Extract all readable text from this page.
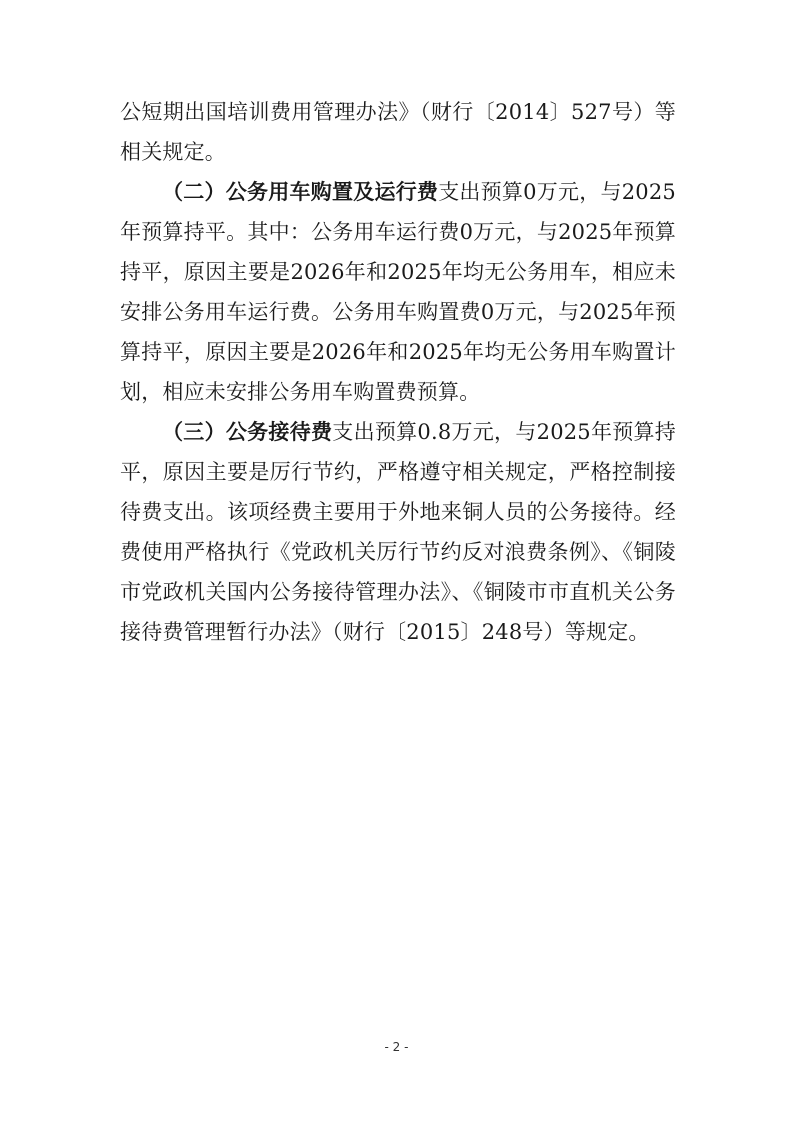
公短期出国培训费用管理办法》（财行〔2014〕527号）等相关规定。

（二）公务用车购置及运行费支出预算0万元，与2025年预算持平。其中：公务用车运行费0万元，与2025年预算持平，原因主要是2026年和2025年均无公务用车，相应未安排公务用车运行费。公务用车购置费0万元，与2025年预算持平，原因主要是2026年和2025年均无公务用车购置计划，相应未安排公务用车购置费预算。

（三）公务接待费支出预算0.8万元，与2025年预算持平，原因主要是厉行节约，严格遵守相关规定，严格控制接待费支出。该项经费主要用于外地来铜人员的公务接待。经费使用严格执行《党政机关厉行节约反对浪费条例》、《铜陵市党政机关国内公务接待管理办法》、《铜陵市市直机关公务接待费管理暂行办法》（财行〔2015〕248号）等规定。

- 2 -
